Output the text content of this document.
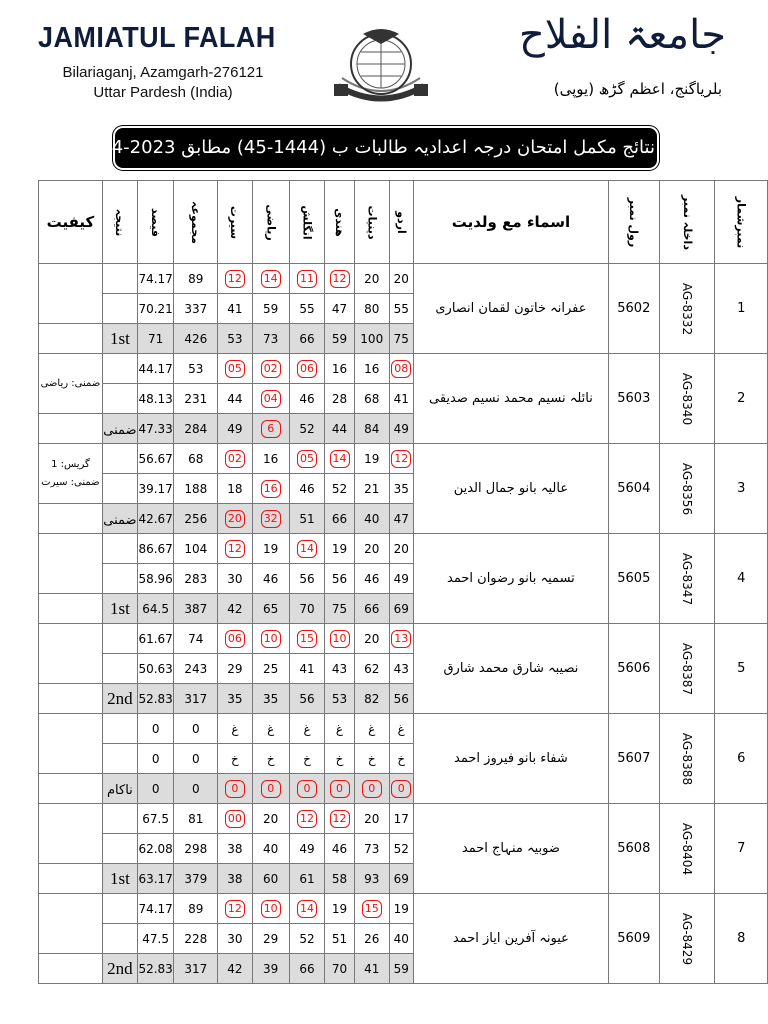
JAMIATUL FALAH
Bilariaganj, Azamgarh-276121
Uttar Pardesh (India)
جامعۃ الفلاح
بلریاگنج، اعظم گڑھ (یوپی)
نتائج مکمل امتحان درجہ اعدادیہ طالبات ب (1444-45) مطابق 2023-24
کیفیت	نتیجہ	فیصد	مجموعہ	سیرت	ریاضی	انگلش	ھندی	دینیات	اردو	اسماء مع ولدیت	رول نمبر	داخلہ نمبر	نمبرشمار
		74.17	89	12	14	11	12	20	20	عفرانہ خاتون لقمان انصاری	5602	AG-8332	1
		70.21	337	41	59	55	47	80	55				
	1st	71	426	53	73	66	59	100	75				
ضمنی: ریاضی		44.17	53	05	02	06	16	16	08	نائلہ نسیم محمد نسیم صدیقی	5603	AG-8340	2
		48.13	231	44	04	46	28	68	41				
	ضمنی	47.33	284	49	6	52	44	84	49				
گریس: 1 ضمنی: سیرت		56.67	68	02	16	05	14	19	12	عالیہ بانو جمال الدین	5604	AG-8356	3
		39.17	188	18	16	46	52	21	35				
	ضمنی	42.67	256	20	32	51	66	40	47				
		86.67	104	12	19	14	19	20	20	تسمیہ بانو رضوان احمد	5605	AG-8347	4
		58.96	283	30	46	56	56	46	49				
	1st	64.5	387	42	65	70	75	66	69				
		61.67	74	06	10	15	10	20	13	نصیبہ شارق محمد شارق	5606	AG-8387	5
		50.63	243	29	25	41	43	62	43				
	2nd	52.83	317	35	35	56	53	82	56				
		0	0	غ	غ	غ	غ	غ	غ	شفاء بانو فیروز احمد	5607	AG-8388	6
		0	0	خ	خ	خ	خ	خ	خ				
	ناکام	0	0	0	0	0	0	0	0				
		67.5	81	00	20	12	12	20	17	ضوبیہ منہاج احمد	5608	AG-8404	7
		62.08	298	38	40	49	46	73	52				
	1st	63.17	379	38	60	61	58	93	69				
		74.17	89	12	10	14	19	15	19	عیونہ آفرین ایاز احمد	5609	AG-8429	8
		47.5	228	30	29	52	51	26	40				
	2nd	52.83	317	42	39	66	70	41	59				
